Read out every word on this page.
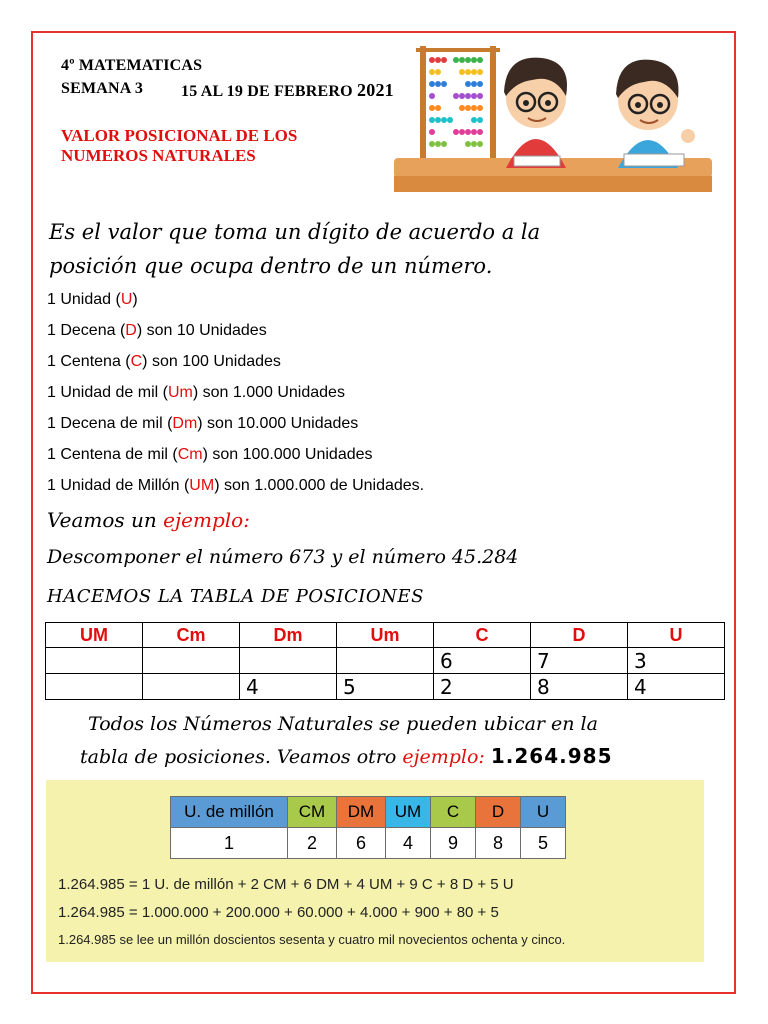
4º MATEMATICAS
SEMANA 3 15 AL 19 DE FEBRERO 2021
VALOR POSICIONAL DE LOS
NUMEROS NATURALES
Es el valor que toma un dígito de acuerdo a la
posición que ocupa dentro de un número.
1 Unidad (U)
1 Decena (D) son 10 Unidades
1 Centena (C) son 100 Unidades
1 Unidad de mil (Um) son 1.000 Unidades
1 Decena de mil (Dm) son 10.000 Unidades
1 Centena de mil (Cm) son 100.000 Unidades
1 Unidad de Millón (UM) son 1.000.000 de Unidades.
Veamos un ejemplo:
Descomponer el número 673 y el número 45.284
HACEMOS LA TABLA DE POSICIONES
UM	Cm	Dm	Um	C	D	U
				6	7	3
		4	5	2	8	4
Todos los Números Naturales se pueden ubicar en la
tabla de posiciones. Veamos otro ejemplo: 1.264.985
U. de millón	CM	DM	UM	C	D	U
1	2	6	4	9	8	5
1.264.985 = 1 U. de millón + 2 CM + 6 DM + 4 UM + 9 C + 8 D + 5 U
1.264.985 = 1.000.000 + 200.000 + 60.000 + 4.000 + 900 + 80 + 5
1.264.985 se lee un millón doscientos sesenta y cuatro mil novecientos ochenta y cinco.
